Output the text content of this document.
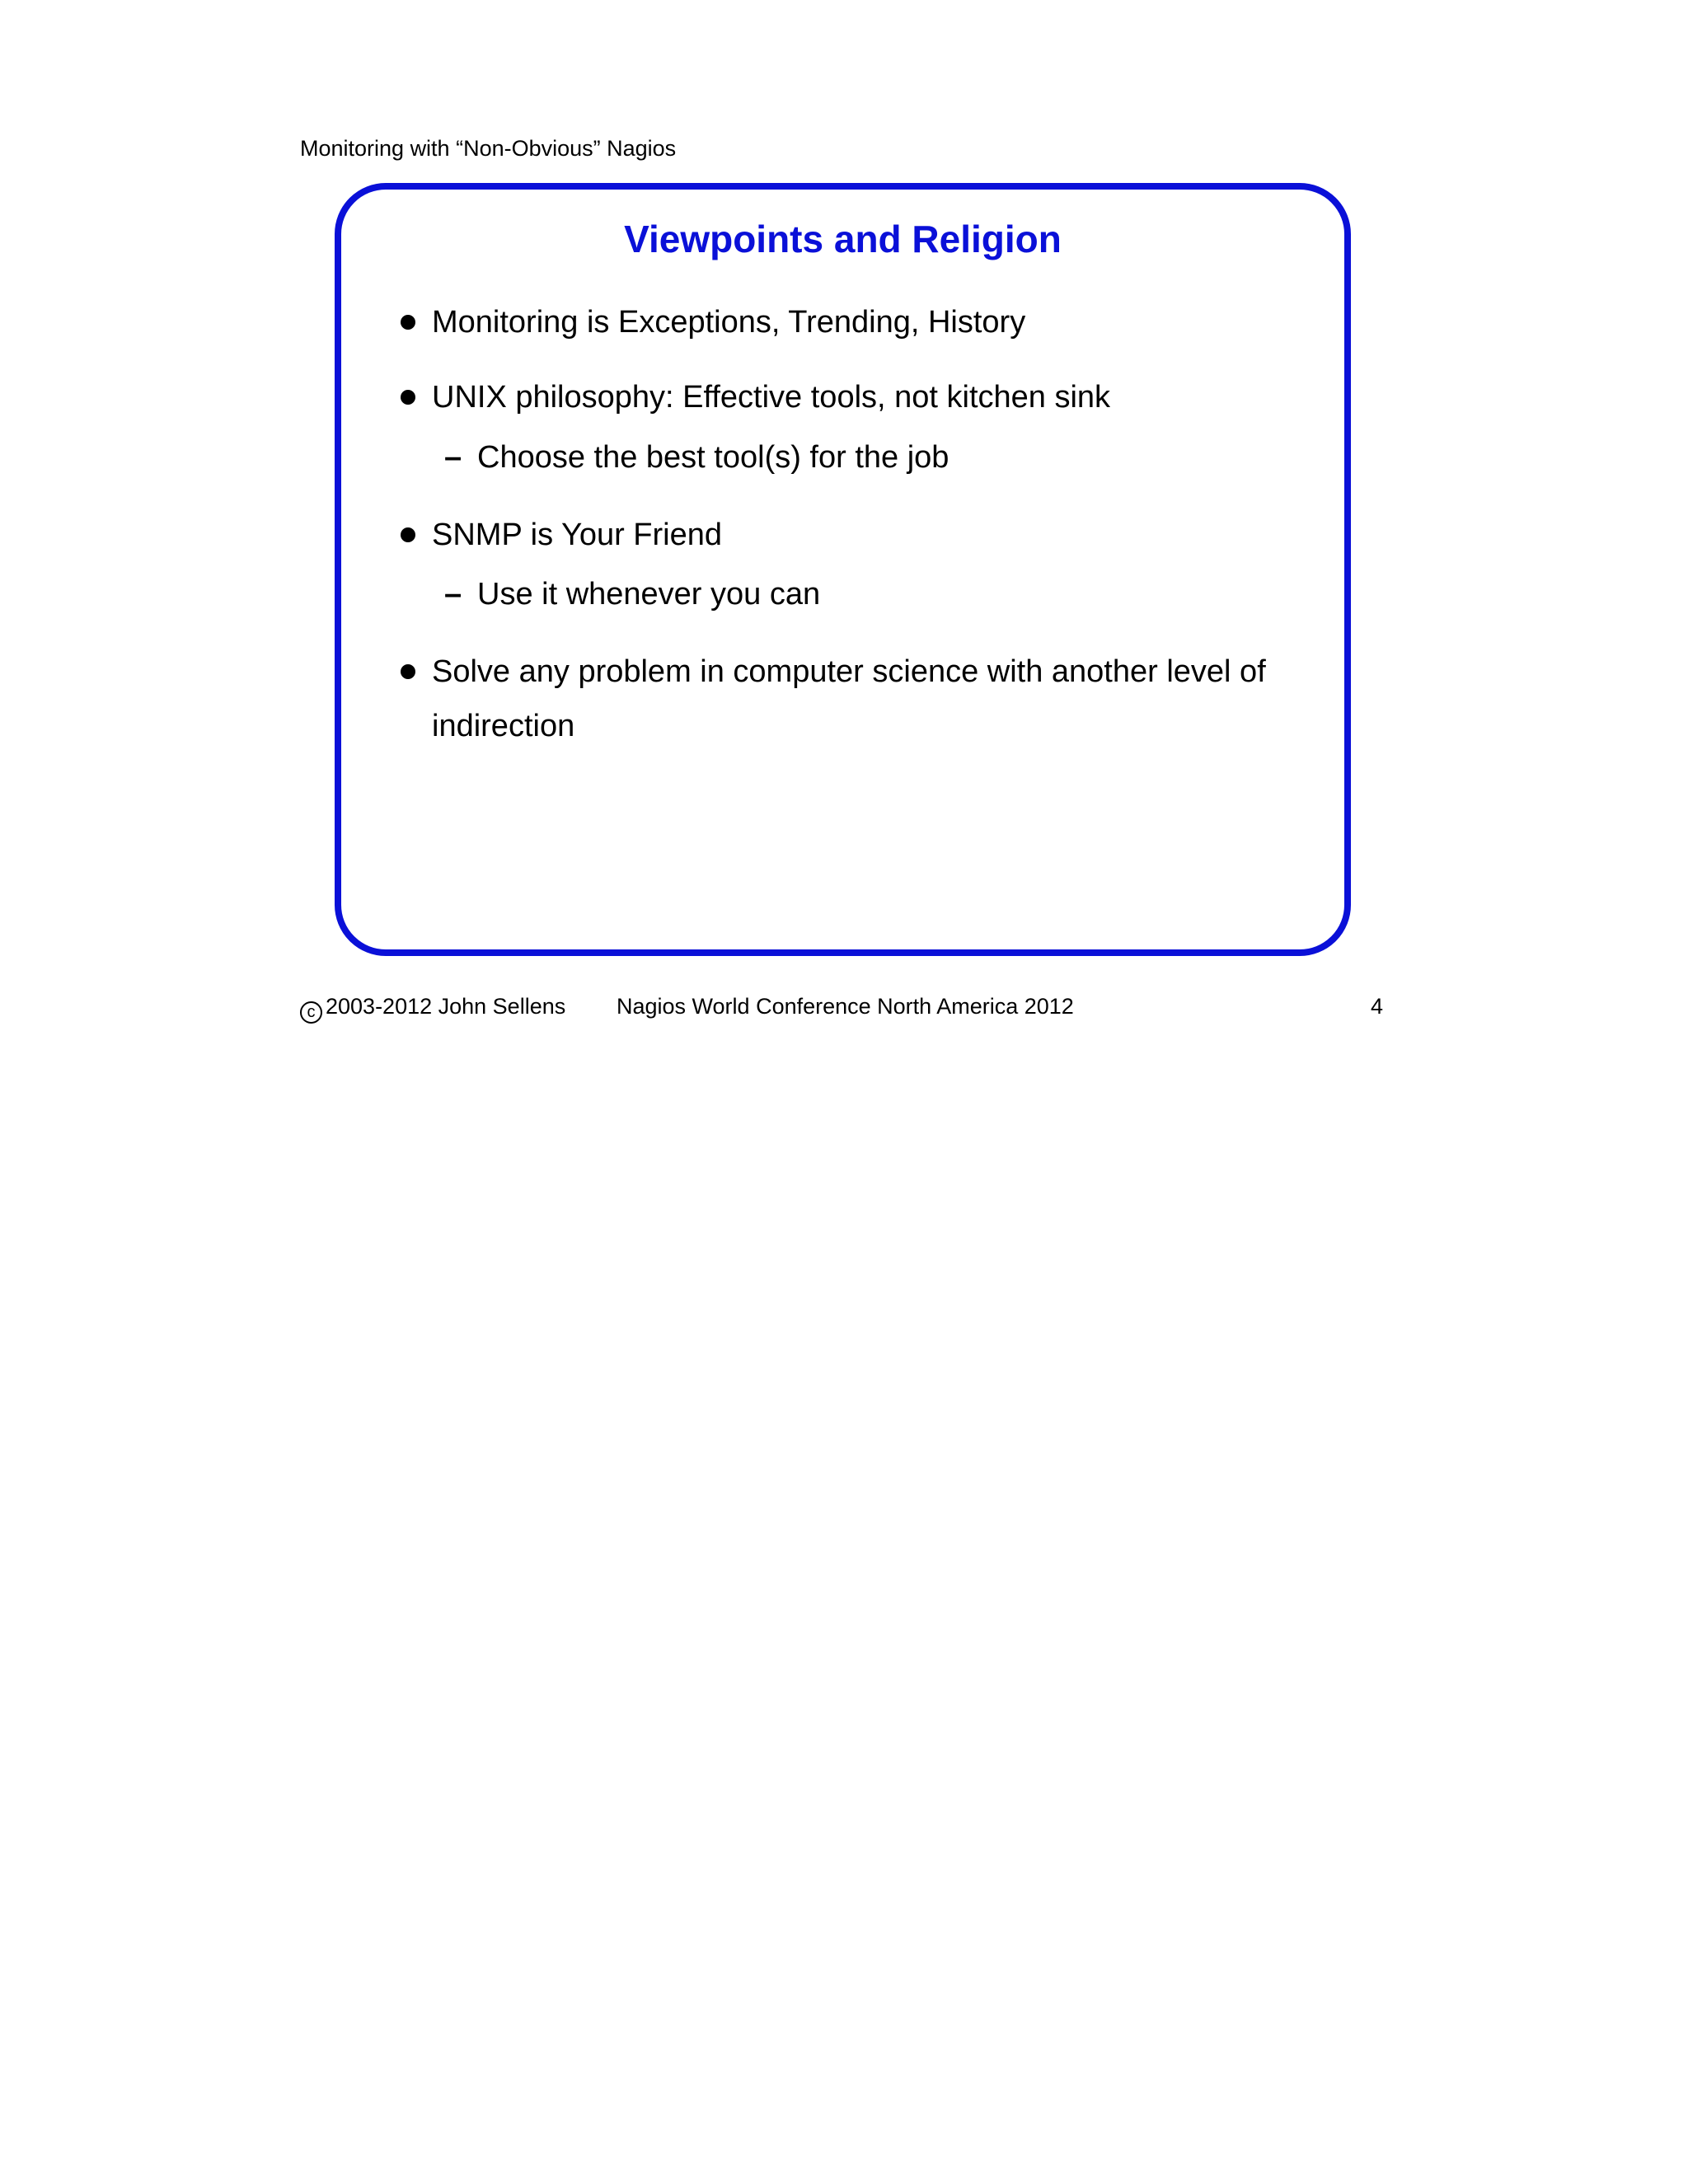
Monitoring with “Non-Obvious” Nagios
Viewpoints and Religion
Monitoring is Exceptions, Trending, History
UNIX philosophy: Effective tools, not kitchen sink
– Choose the best tool(s) for the job
SNMP is Your Friend
– Use it whenever you can
Solve any problem in computer science with another level of indirection
c 2003-2012 John Sellens Nagios World Conference North America 2012	4
